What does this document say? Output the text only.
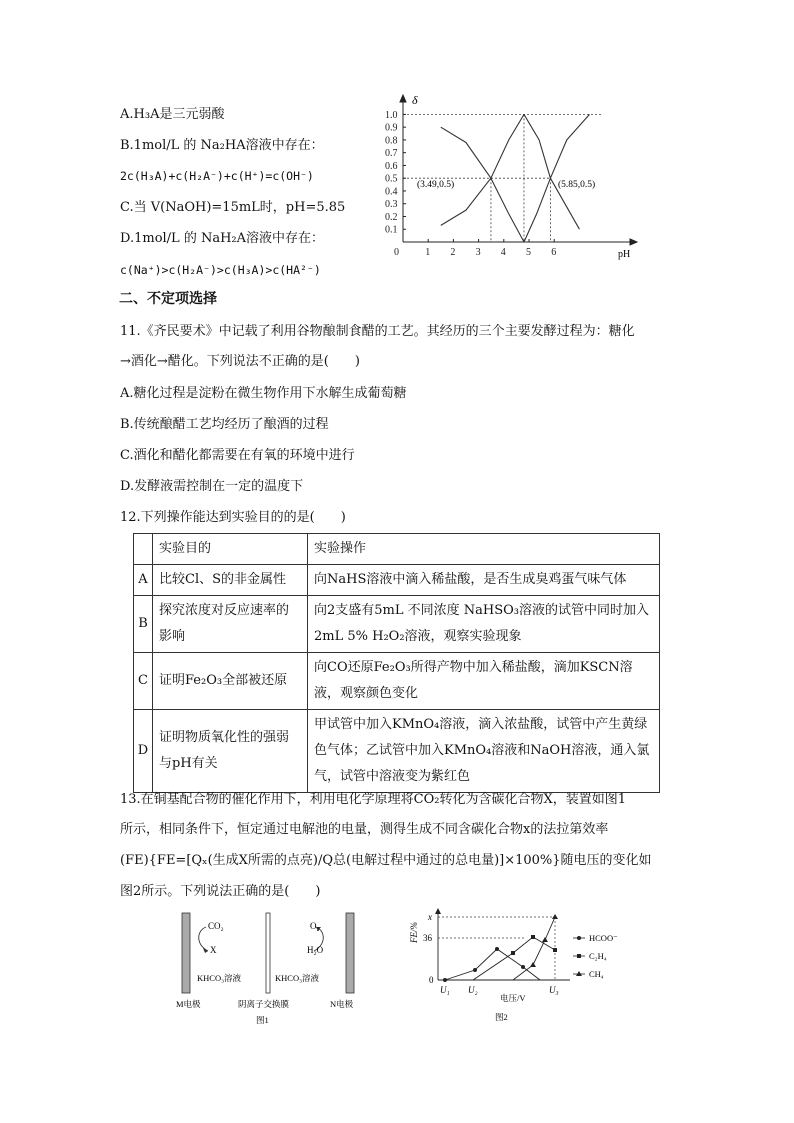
A.H₃A是三元弱酸
B.1mol/L 的 Na₂HA溶液中存在：
2c(H₃A)+c(H₂A⁻)+c(H⁺)=c(OH⁻)
C.当 V(NaOH)=15mL时，pH=5.85
D.1mol/L 的 NaH₂A溶液中存在：
c(Na⁺)>c(H₂A⁻)>c(H₃A)>c(HA²⁻)
0	1 2 3 4 5 6
0.1
0.2
0.3
0.4
0.5
0.6
0.7
0.8
0.9
1.0
δ
pH
(3.49,0.5)	(5.85,0.5)
二、不定项选择
11.《齐民要术》中记载了利用谷物酿制食醋的工艺。其经历的三个主要发酵过程为：糖化
→酒化→醋化。下列说法不正确的是(　　)
A.糖化过程是淀粉在微生物作用下水解生成葡萄糖
B.传统酿醋工艺均经历了酿酒的过程
C.酒化和醋化都需要在有氧的环境中进行
D.发酵液需控制在一定的温度下
12.下列操作能达到实验目的的是(　　)
	实验目的	实验操作
A	比较Cl、S的非金属性	向NaHS溶液中滴入稀盐酸，是否生成臭鸡蛋气味气体
B	探究浓度对反应速率的影响	向2支盛有5mL 不同浓度 NaHSO₃溶液的试管中同时加入2mL 5% H₂O₂溶液，观察实验现象
C	证明Fe₂O₃全部被还原	向CO还原Fe₂O₃所得产物中加入稀盐酸，滴加KSCN溶液，观察颜色变化
D	证明物质氧化性的强弱与pH有关	甲试管中加入KMnO₄溶液，滴入浓盐酸，试管中产生黄绿色气体；乙试管中加入KMnO₄溶液和NaOH溶液，通入氯气，试管中溶液变为紫红色
13.在铜基配合物的催化作用下，利用电化学原理将CO₂转化为含碳化合物X，装置如图1
所示，相同条件下，恒定通过电解池的电量，测得生成不同含碳化合物x的法拉第效率
(FE){FE=[Qₓ(生成X所需的点亮)/Q总(电解过程中通过的总电量)]×100%}随电压的变化如
图2所示。下列说法正确的是(　　)
CO₂
X
O₂
H₂O
KHCO₃溶液	KHCO₃溶液
M电极	阴离子交换膜	N电极
图1
FE/%
x
36
0
U₁ U₂	U₃
电压/V
HCOO⁻
C₂H₄
CH₄
图2
